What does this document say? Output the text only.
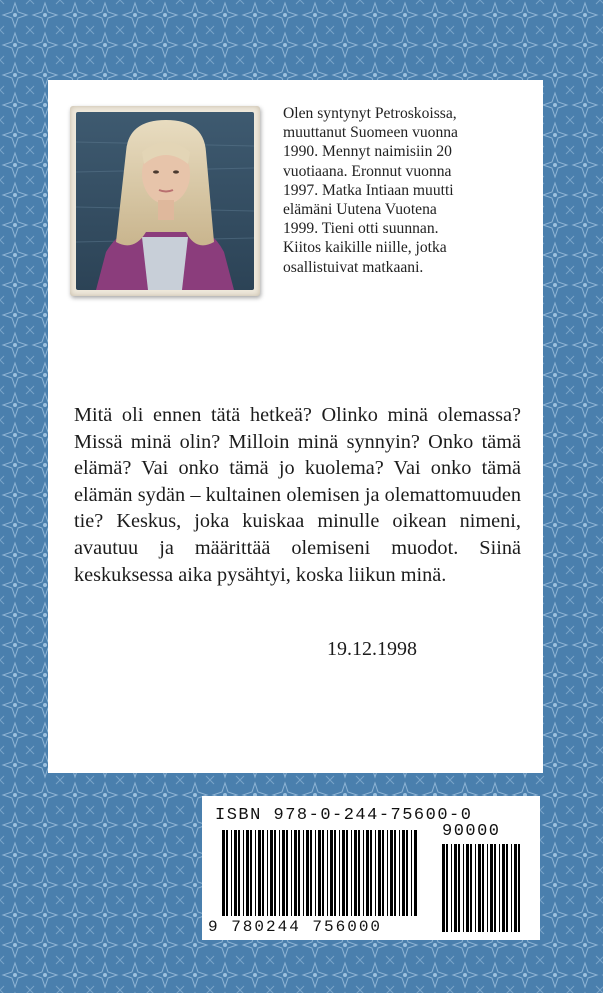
Olen syntynyt Petroskoissa,
muuttanut Suomeen vuonna
1990. Mennyt naimisiin 20
vuotiaana. Eronnut vuonna
1997. Matka Intiaan muutti
elämäni Uutena Vuotena
1999. Tieni otti suunnan.
Kiitos kaikille niille, jotka
osallistuivat matkaani.
Mitä oli ennen tätä hetkeä? Olinko minä olemassa? Missä minä olin? Milloin minä synnyin? Onko tämä elämä? Vai onko tämä jo kuolema? Vai onko tämä elämän sydän – kultainen olemisen ja olemattomuuden tie? Keskus, joka kuiskaa minulle oikean nimeni, avautuu ja määrittää olemiseni muodot. Siinä keskuksessa aika pysähtyi, koska liikun minä.
19.12.1998
ISBN 978-0-244-75600-0
90000
9 780244 756000
